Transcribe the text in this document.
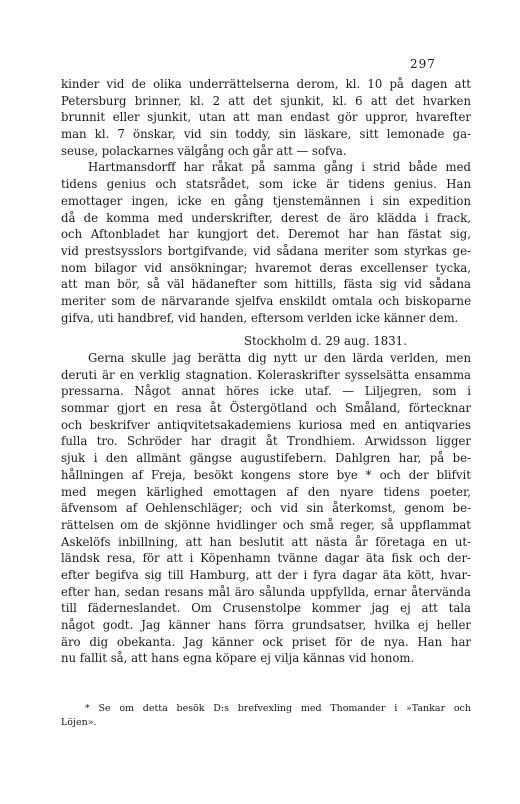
297
kinder vid de olika underrättelserna derom, kl. 10 på dagen att
Petersburg brinner, kl. 2 att det sjunkit, kl. 6 att det hvarken
brunnit eller sjunkit, utan att man endast gör uppror, hvarefter
man kl. 7 önskar, vid sin toddy, sin läskare, sitt lemonade ga-
seuse, polackarnes välgång och går att — sofva.
Hartmansdorff har råkat på samma gång i strid både med
tidens genius och statsrådet, som icke är tidens genius. Han
emottager ingen, icke en gång tjenstemännen i sin expedition
då de komma med underskrifter, derest de äro klädda i frack,
och Aftonbladet har kungjort det. Deremot har han fästat sig,
vid prestsysslors bortgifvande, vid sådana meriter som styrkas ge-
nom bilagor vid ansökningar; hvaremot deras excellenser tycka,
att man bör, så väl hädanefter som hittills, fästa sig vid sådana
meriter som de närvarande sjelfva enskildt omtala och biskoparne
gifva, uti handbref, vid handen, eftersom verlden icke känner dem.
Stockholm d. 29 aug. 1831.
Gerna skulle jag berätta dig nytt ur den lärda verlden, men
deruti är en verklig stagnation. Koleraskrifter sysselsätta ensamma
pressarna. Något annat höres icke utaf. — Liljegren, som i
sommar gjort en resa åt Östergötland och Småland, förtecknar
och beskrifver antiqvitetsakademiens kuriosa med en antiqvaries
fulla tro. Schröder har dragit åt Trondhiem. Arwidsson ligger
sjuk i den allmänt gängse augustifebern. Dahlgren har, på be-
hållningen af Freja, besökt kongens store bye * och der blifvit
med megen kärlighed emottagen af den nyare tidens poeter,
äfvensom af Oehlenschläger; och vid sin återkomst, genom be-
rättelsen om de skjönne hvidlinger och små reger, så uppflammat
Askelöfs inbillning, att han beslutit att nästa år företaga en ut-
ländsk resa, för att i Köpenhamn tvänne dagar äta fisk och der-
efter begifva sig till Hamburg, att der i fyra dagar äta kött, hvar-
efter han, sedan resans mål äro sålunda uppfyllda, ernar återvända
till fäderneslandet. Om Crusenstolpe kommer jag ej att tala
något godt. Jag känner hans förra grundsatser, hvilka ej heller
äro dig obekanta. Jag känner ock priset för de nya. Han har
nu fallit så, att hans egna köpare ej vilja kännas vid honom.
* Se om detta besök D:s brefvexling med Thomander i »Tankar och
Löjen».
